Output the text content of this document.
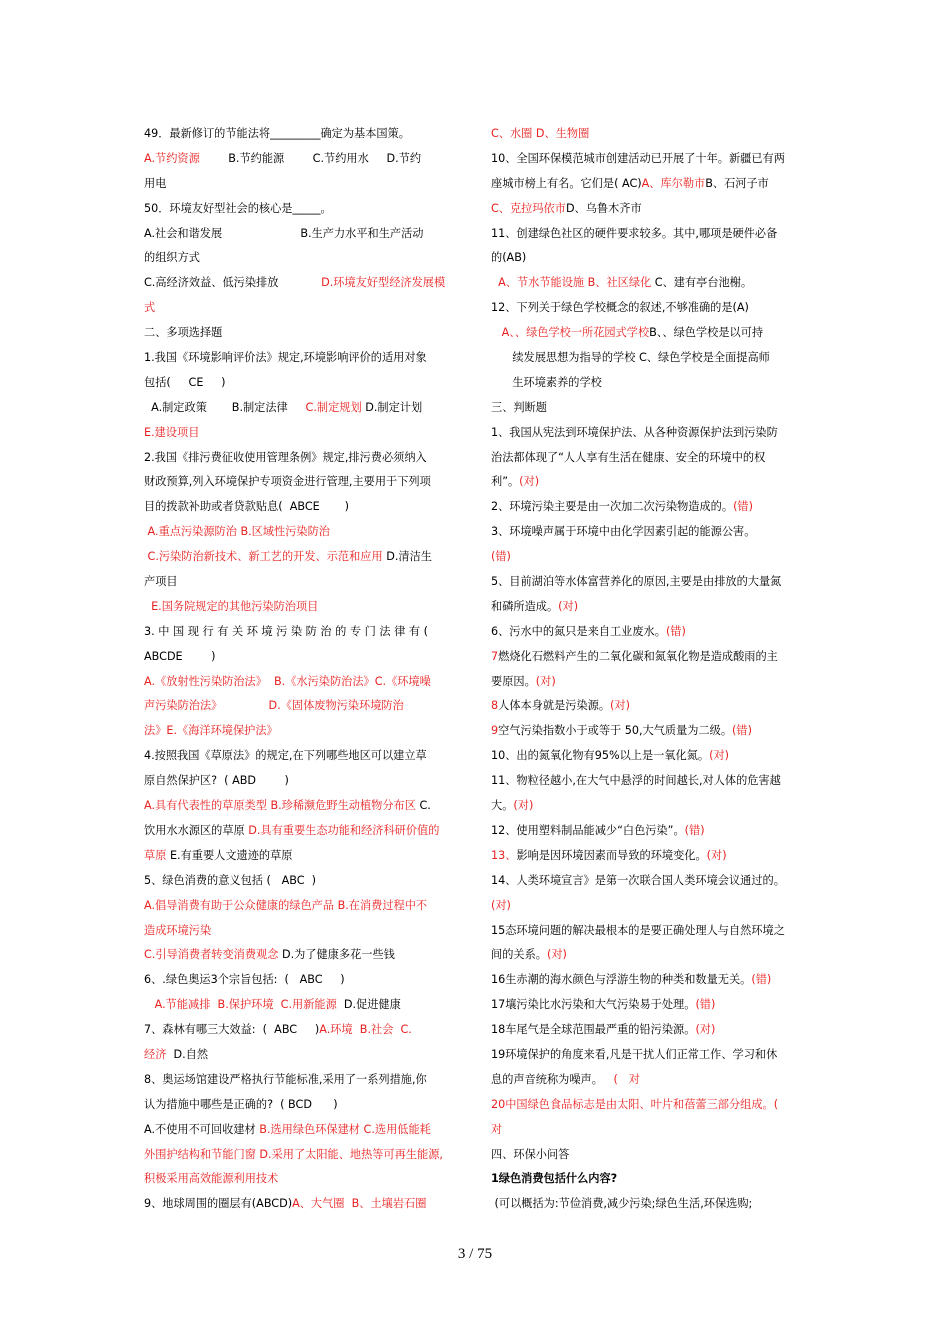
49．最新修订的节能法将_________确定为基本国策。
A.节约资源        B.节约能源        C.节约用水     D.节约
用电
50．环境友好型社会的核心是_____。
A.社会和谐发展                      B.生产力水平和生产活动
的组织方式
C.高经济效益、低污染排放            D.环境友好型经济发展模
式
二、多项选择题
1.我国《环境影响评价法》规定,环境影响评价的适用对象
包括(     CE     )
A.制定政策       B.制定法律     C.制定规划 D.制定计划
E.建设项目
2.我国《排污费征收使用管理条例》规定,排污费必须纳入
财政预算,列入环境保护专项资金进行管理,主要用于下列项
目的拨款补助或者贷款贴息(  ABCE       )
A.重点污染源防治 B.区域性污染防治
C.污染防治新技术、新工艺的开发、示范和应用 D.清洁生
产项目
E.国务院规定的其他污染防治项目
3. 中 国 现 行 有 关 环 境 污 染 防 治 的 专 门 法 律 有 (
ABCDE        )
A.《放射性污染防治法》  B.《水污染防治法》C.《环境噪
声污染防治法》             D.《固体废物污染环境防治
法》E.《海洋环境保护法》
4.按照我国《草原法》的规定,在下列哪些地区可以建立草
原自然保护区?  ( ABD        )
A.具有代表性的草原类型 B.珍稀濒危野生动植物分布区 C.
饮用水水源区的草原 D.具有重要生态功能和经济科研价值的
草原 E.有重要人文遗迹的草原
5、绿色消费的意义包括 (   ABC  )
A.倡导消费有助于公众健康的绿色产品 B.在消费过程中不
造成环境污染
C.引导消费者转变消费观念 D.为了健康多花一些钱
6、.绿色奥运3个宗旨包括:  (   ABC     )
A.节能减排  B.保护环境  C.用新能源  D.促进健康
7、森林有哪三大效益:  (  ABC     )A.环境  B.社会  C.
经济  D.自然
8、奥运场馆建设严格执行节能标准,采用了一系列措施,你
认为措施中哪些是正确的?  ( BCD      )
A.不使用不可回收建材 B.选用绿色环保建材 C.选用低能耗
外围护结构和节能门窗 D.采用了太阳能、地热等可再生能源,
积极采用高效能源利用技术
9、地球周围的圈层有(ABCD)A、大气圈  B、土壤岩石圈
C、水圈 D、生物圈
10、全国环保模范城市创建活动已开展了十年。新疆已有两
座城市榜上有名。它们是( AC)A、库尔勒市B、石河子市
C、克拉玛依市D、乌鲁木齐市
11、创建绿色社区的硬件要求较多。其中,哪项是硬件必备
的(AB)
A、节水节能设施 B、社区绿化 C、建有亭台池榭。
12、下列关于绿色学校概念的叙述,不够准确的是(A)
A、、绿色学校一所花园式学校B、、绿色学校是以可持
续发展思想为指导的学校 C、绿色学校是全面提高师
生环境素养的学校
三、判断题
1、我国从宪法到环境保护法、从各种资源保护法到污染防
治法都体现了“人人享有生活在健康、安全的环境中的权
利”。(对)
2、环境污染主要是由一次加二次污染物造成的。(错)
3、环境噪声属于环境中由化学因素引起的能源公害。
(错)
5、目前湖泊等水体富营养化的原因,主要是由排放的大量氮
和磷所造成。(对)
6、污水中的氮只是来自工业废水。(错)
7燃烧化石燃料产生的二氧化碳和氮氧化物是造成酸雨的主
要原因。(对)
8人体本身就是污染源。(对)
9空气污染指数小于或等于 50,大气质量为二级。(错)
10、出的氮氧化物有95%以上是一氧化氮。(对)
11、物粒径越小,在大气中悬浮的时间越长,对人体的危害越
大。(对)
12、使用塑料制品能减少“白色污染”。(错)
13、影响是因环境因素而导致的环境变化。(对)
14、人类环境宣言》是第一次联合国人类环境会议通过的。
(对)
15态环境问题的解决最根本的是要正确处理人与自然环境之
间的关系。(对)
16生赤潮的海水颜色与浮游生物的种类和数量无关。(错)
17壤污染比水污染和大气污染易于处理。(错)
18车尾气是全球范围最严重的铅污染源。(对)
19环境保护的角度来看,凡是干扰人们正常工作、学习和休
息的声音统称为噪声。   (   对
20中国绿色食品标志是由太阳、叶片和蓓蕾三部分组成。(
对
四、环保小问答
1绿色消费包括什么内容?
(可以概括为:节俭消费,减少污染;绿色生活,环保选购;
3 / 75
